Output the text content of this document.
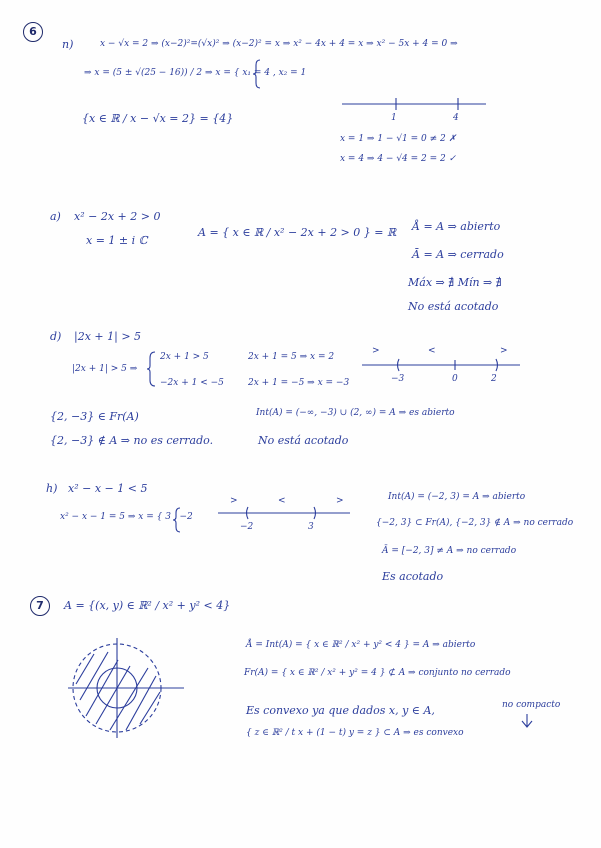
6
n)	x − √x = 2 ⇒ (x−2)²=(√x)² ⇒ (x−2)² = x ⇒ x² − 4x + 4 = x ⇒ x² − 5x + 4 = 0 ⇒
⇒ x = (5 ± √(25 − 16)) / 2 ⇒ x = { x₁ = 4 , x₂ = 1
{x ∈ ℝ / x − √x = 2} = {4}	1	4
x = 1 ⇒ 1 − √1 = 0 ≠ 2 ✗
x = 4 ⇒ 4 − √4 = 2 = 2 ✓
a) x² − 2x + 2 > 0
x = 1 ± i ℂ
A = { x ∈ ℝ / x² − 2x + 2 > 0 } = ℝ Å = A ⇒ abierto
Ā = A ⇒ cerrado
Máx ⇒ ∄ Mín ⇒ ∄
No está acotado
d) |2x + 1| > 5
|2x + 1| > 5 ⇒
2x + 1 > 5
−2x + 1 < −5
2x + 1 = 5 ⇒ x = 2
2x + 1 = −5 ⇒ x = −3
>	<	>
−3	0	2
{2, −3} ∈ Fr(A)	Int(A) = (−∞, −3) ∪ (2, ∞) = A ⇒ es abierto
{2, −3} ∉ A ⇒ no es cerrado.	No está acotado
h) x² − x − 1 < 5
x² − x − 1 = 5 ⇒ x = { 3 , −2
>	<	>
−2	3
Int(A) = (−2, 3) = A ⇒ abierto
{−2, 3} ⊂ Fr(A), {−2, 3} ∉ A ⇒ no cerrado
Ā = [−2, 3] ≠ A ⇒ no cerrado
Es acotado
7	A = {(x, y) ∈ ℝ² / x² + y² < 4}
Å = Int(A) = { x ∈ ℝ² / x² + y² < 4 } = A ⇒ abierto
Fr(A) = { x ∈ ℝ² / x² + y² = 4 } ⊄ A ⇒ conjunto no cerrado
Es convexo ya que dados x, y ∈ A,	no compacto
{ z ∈ ℝ² / t x + (1 − t) y = z } ⊂ A ⇒ es convexo
